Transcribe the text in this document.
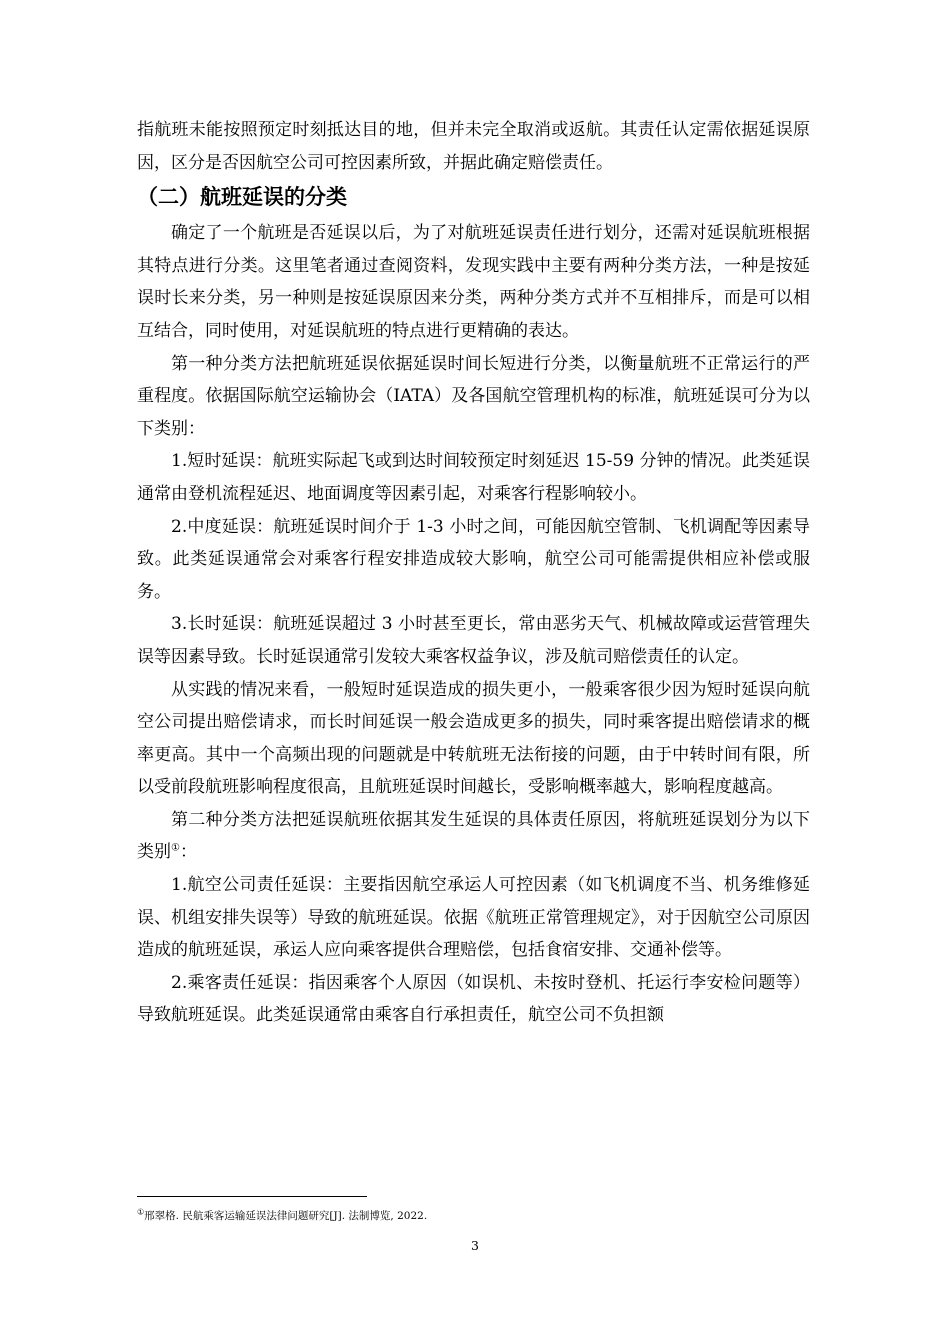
指航班未能按照预定时刻抵达目的地，但并未完全取消或返航。其责任认定需依据延误原因，区分是否因航空公司可控因素所致，并据此确定赔偿责任。

（二）航班延误的分类

确定了一个航班是否延误以后，为了对航班延误责任进行划分，还需对延误航班根据其特点进行分类。这里笔者通过查阅资料，发现实践中主要有两种分类方法，一种是按延误时长来分类，另一种则是按延误原因来分类，两种分类方式并不互相排斥，而是可以相互结合，同时使用，对延误航班的特点进行更精确的表达。

第一种分类方法把航班延误依据延误时间长短进行分类，以衡量航班不正常运行的严重程度。依据国际航空运输协会（IATA）及各国航空管理机构的标准，航班延误可分为以下类别：

1.短时延误：航班实际起飞或到达时间较预定时刻延迟 15-59 分钟的情况。此类延误通常由登机流程延迟、地面调度等因素引起，对乘客行程影响较小。

2.中度延误：航班延误时间介于 1-3 小时之间，可能因航空管制、飞机调配等因素导致。此类延误通常会对乘客行程安排造成较大影响，航空公司可能需提供相应补偿或服务。

3.长时延误：航班延误超过 3 小时甚至更长，常由恶劣天气、机械故障或运营管理失误等因素导致。长时延误通常引发较大乘客权益争议，涉及航司赔偿责任的认定。

从实践的情况来看，一般短时延误造成的损失更小，一般乘客很少因为短时延误向航空公司提出赔偿请求，而长时间延误一般会造成更多的损失，同时乘客提出赔偿请求的概率更高。其中一个高频出现的问题就是中转航班无法衔接的问题，由于中转时间有限，所以受前段航班影响程度很高，且航班延误时间越长，受影响概率越大，影响程度越高。

第二种分类方法把延误航班依据其发生延误的具体责任原因，将航班延误划分为以下类别①：

1.航空公司责任延误：主要指因航空承运人可控因素（如飞机调度不当、机务维修延误、机组安排失误等）导致的航班延误。依据《航班正常管理规定》，对于因航空公司原因造成的航班延误，承运人应向乘客提供合理赔偿，包括食宿安排、交通补偿等。

2.乘客责任延误：指因乘客个人原因（如误机、未按时登机、托运行李安检问题等）导致航班延误。此类延误通常由乘客自行承担责任，航空公司不负担额

①邢翠格. 民航乘客运输延误法律问题研究[J]. 法制博览, 2022.
3
